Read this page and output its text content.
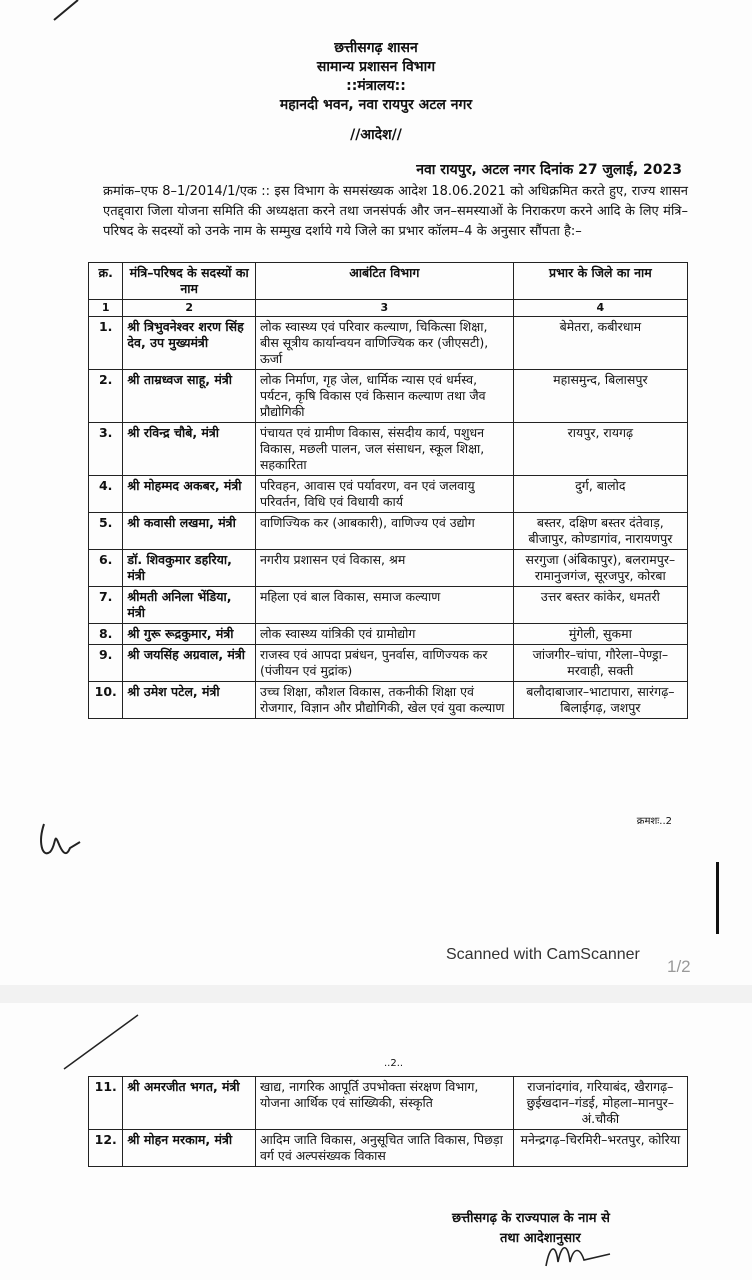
छत्तीसगढ़ शासन
सामान्य प्रशासन विभाग
::मंत्रालय::
महानदी भवन, नवा रायपुर अटल नगर
//आदेश//
नवा रायपुर, अटल नगर दिनांक 27 जुलाई, 2023
क्रमांक–एफ 8–1/2014/1/एक :: इस विभाग के समसंख्यक आदेश 18.06.2021 को अधिक्रमित करते हुए, राज्य शासन एतद्द्वारा जिला योजना समिति की अध्यक्षता करने तथा जनसंपर्क और जन–समस्याओं के निराकरण करने आदि के लिए मंत्रि–परिषद के सदस्यों को उनके नाम के सम्मुख दर्शाये गये जिले का प्रभार कॉलम–4 के अनुसार सौंपता है:–
क्र.	मंत्रि–परिषद के सदस्यों का नाम	आबंटित विभाग	प्रभार के जिले का नाम
1	2	3	4
1.	श्री त्रिभुवनेश्वर शरण सिंह देव, उप मुख्यमंत्री	लोक स्वास्थ्य एवं परिवार कल्याण, चिकित्सा शिक्षा, बीस सूत्रीय कार्यान्वयन वाणिज्यिक कर (जीएसटी), ऊर्जा	बेमेतरा, कबीरधाम
2.	श्री ताम्रध्वज साहू, मंत्री	लोक निर्माण, गृह जेल, धार्मिक न्यास एवं धर्मस्व, पर्यटन, कृषि विकास एवं किसान कल्याण तथा जैव प्रौद्योगिकी	महासमुन्द, बिलासपुर
3.	श्री रविन्द्र चौबे, मंत्री	पंचायत एवं ग्रामीण विकास, संसदीय कार्य, पशुधन विकास, मछली पालन, जल संसाधन, स्कूल शिक्षा, सहकारिता	रायपुर, रायगढ़
4.	श्री मोहम्मद अकबर, मंत्री	परिवहन, आवास एवं पर्यावरण, वन एवं जलवायु परिवर्तन, विधि एवं विधायी कार्य	दुर्ग, बालोद
5.	श्री कवासी लखमा, मंत्री	वाणिज्यिक कर (आबकारी), वाणिज्य एवं उद्योग	बस्तर, दक्षिण बस्तर दंतेवाड़, बीजापुर, कोण्डागांव, नारायणपुर
6.	डॉ. शिवकुमार डहरिया, मंत्री	नगरीय प्रशासन एवं विकास, श्रम	सरगुजा (अंबिकापुर), बलरामपुर–रामानुजगंज, सूरजपुर, कोरबा
7.	श्रीमती अनिला भेंडिया, मंत्री	महिला एवं बाल विकास, समाज कल्याण	उत्तर बस्तर कांकेर, धमतरी
8.	श्री गुरू रूद्रकुमार, मंत्री	लोक स्वास्थ्य यांत्रिकी एवं ग्रामोद्योग	मुंगेली, सुकमा
9.	श्री जयसिंह अग्रवाल, मंत्री	राजस्व एवं आपदा प्रबंधन, पुनर्वास, वाणिज्यक कर (पंजीयन एवं मुद्रांक)	जांजगीर–चांपा, गौरेला–पेण्ड्रा–मरवाही, सक्ती
10.	श्री उमेश पटेल, मंत्री	उच्च शिक्षा, कौशल विकास, तकनीकी शिक्षा एवं रोजगार, विज्ञान और प्रौद्योगिकी, खेल एवं युवा कल्याण	बलौदाबाजार–भाटापारा, सारंगढ़–बिलाईगढ़, जशपुर
क्रमशः..2
Scanned with CamScanner
1/2
..2..
11.	श्री अमरजीत भगत, मंत्री	खाद्य, नागरिक आपूर्ति उपभोक्ता संरक्षण विभाग, योजना आर्थिक एवं सांख्यिकी, संस्कृति	राजनांदगांव, गरियाबंद, खैरागढ़–छुईखदान–गंडई, मोहला–मानपुर–अं.चौकी
12.	श्री मोहन मरकाम, मंत्री	आदिम जाति विकास, अनुसूचित जाति विकास, पिछड़ा वर्ग एवं अल्पसंख्यक विकास	मनेन्द्रगढ़–चिरमिरी–भरतपुर, कोरिया
छत्तीसगढ़ के राज्यपाल के नाम से
तथा आदेशानुसार
